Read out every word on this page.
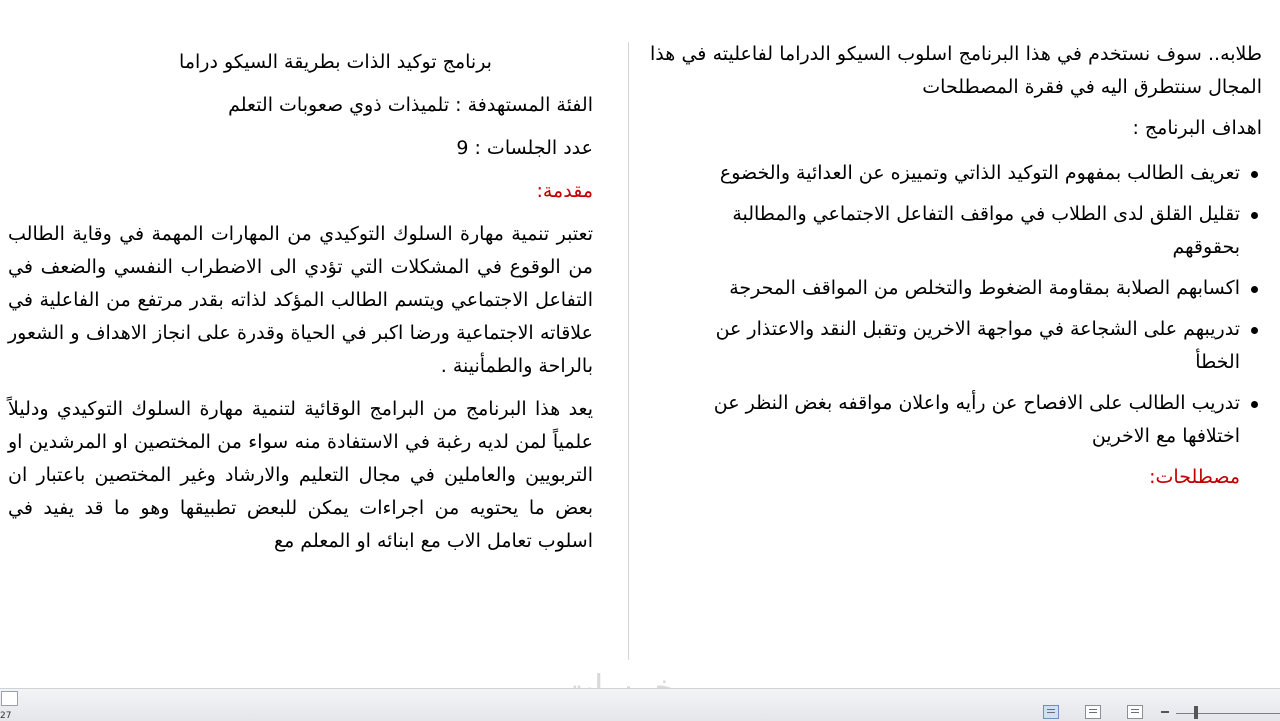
برنامج توكيد الذات بطريقة السيكو دراما

الفئة المستهدفة : تلميذات ذوي صعوبات التعلم

عدد الجلسات : 9

مقدمة:

تعتبر تنمية مهارة السلوك التوكيدي من المهارات المهمة في وقاية الطالب من الوقوع في المشكلات التي تؤدي الى الاضطراب النفسي والضعف في التفاعل الاجتماعي ويتسم الطالب المؤكد لذاته بقدر مرتفع من الفاعلية في علاقاته الاجتماعية ورضا اكبر في الحياة وقدرة على انجاز الاهداف و الشعور بالراحة والطمأنينة .

يعد هذا البرنامج من البرامج الوقائية لتنمية مهارة السلوك التوكيدي ودليلاً علمياً لمن لديه رغبة في الاستفادة منه سواء من المختصين او المرشدين او التربويين والعاملين في مجال التعليم والارشاد وغير المختصين باعتبار ان بعض ما يحتويه من اجراءات يمكن للبعض تطبيقها وهو ما قد يفيد في اسلوب تعامل الاب مع ابنائه او المعلم مع

طلابه.. سوف نستخدم في هذا البرنامج اسلوب السيكو الدراما لفاعليته في هذا المجال سنتطرق اليه في فقرة المصطلحات

اهداف البرنامج :

تعريف الطالب بمفهوم التوكيد الذاتي وتمييزه عن العدائية والخضوع
تقليل القلق لدى الطلاب في مواقف التفاعل الاجتماعي والمطالبة بحقوقهم
اكسابهم الصلابة بمقاومة الضغوط والتخلص من المواقف المحرجة
تدريبهم على الشجاعة في مواجهة الاخرين وتقبل النقد والاعتذار عن الخطأ
تدريب الطالب على الافصاح عن رأيه واعلان مواقفه بغض النظر عن اختلافها مع الاخرين

مصطلحات:

27
